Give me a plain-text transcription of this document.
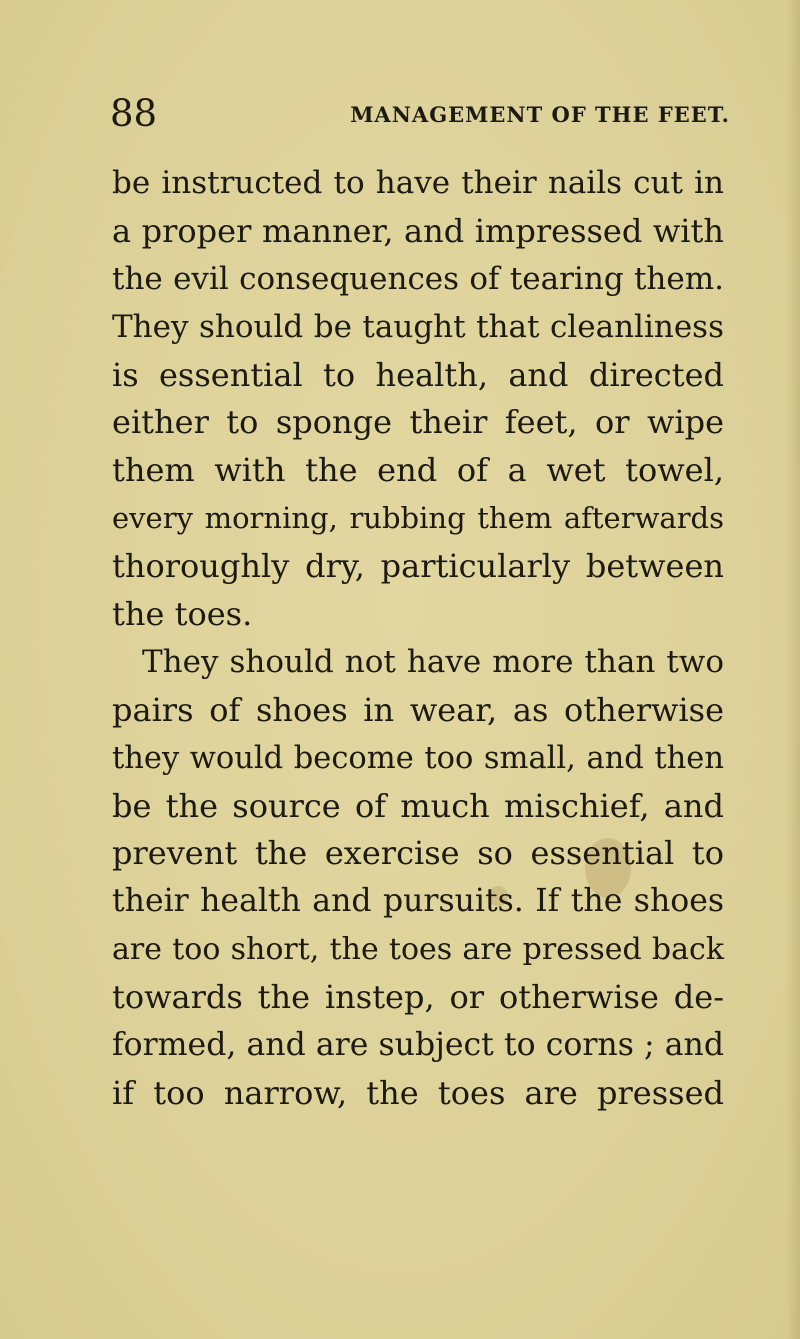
88	MANAGEMENT OF THE FEET.
be instructed to have their nails cut in
a proper manner, and impressed with
the evil consequences of tearing them.
They should be taught that cleanliness
is essential to health, and directed
either to sponge their feet, or wipe
them with the end of a wet towel,
every morning, rubbing them afterwards
thoroughly dry, particularly between
the toes.
They should not have more than two
pairs of shoes in wear, as otherwise
they would become too small, and then
be the source of much mischief, and
prevent the exercise so essential to
their health and pursuits. If the shoes
are too short, the toes are pressed back
towards the instep, or otherwise de-
formed, and are subject to corns ; and
if too narrow, the toes are pressed
